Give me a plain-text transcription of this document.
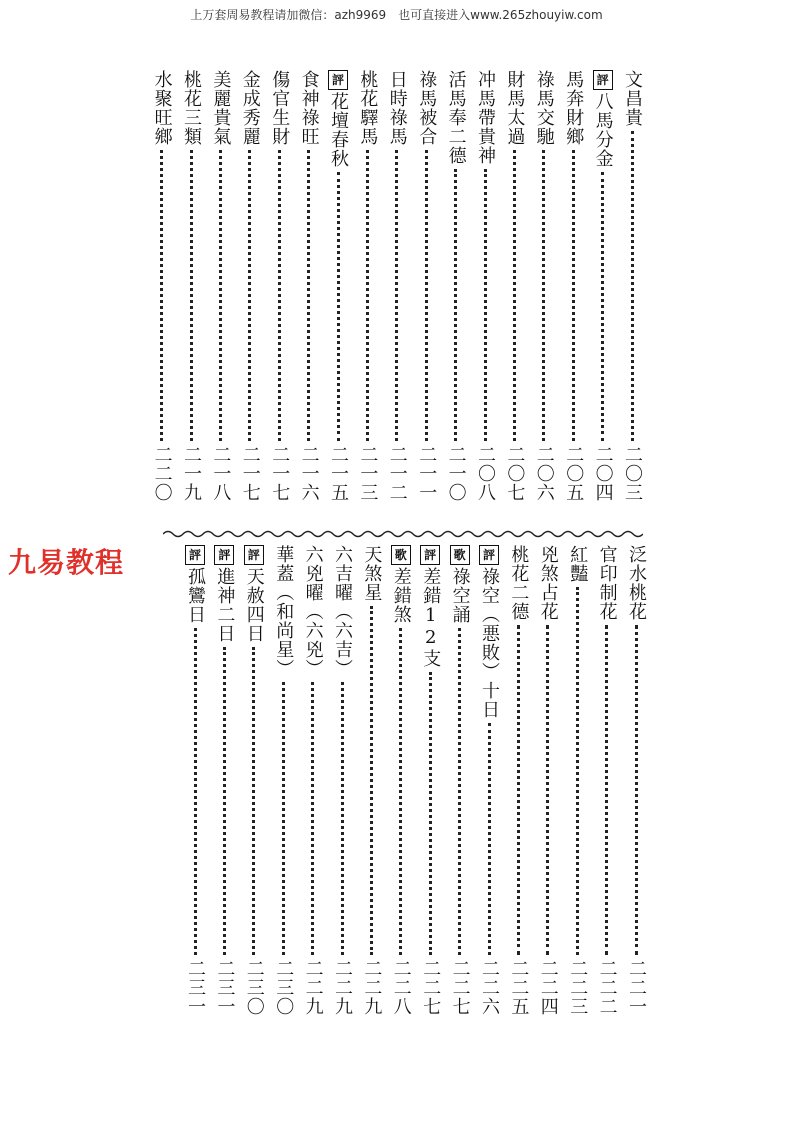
上万套周易教程请加微信：azh9969　也可直接进入www.265zhouyiw.com
文昌貴
二〇三
評
八馬分金
二〇四
馬奔財鄉
二〇五
祿馬交馳
二〇六
財馬太過
二〇七
冲馬帶貴神
二〇八
活馬奉二德
二一〇
祿馬被合
二一一
日時祿馬
二一二
桃花驛馬
二一三
評
花壇春秋
二一五
食神祿旺
二一六
傷官生財
二一七
金成秀麗
二一七
美麗貴氣
二一八
桃花三類
二一九
水聚旺鄉
二二〇
九易教程	泛水桃花
二二一
官印制花
二二二
紅豔
二二三
兇煞占花
二二四
桃花二德
二二五
評
祿空（悪敗）十日
二二六
歌
祿空誦
二二七
評
差錯12支
二二七
歌
差錯煞
二二八
天煞星
二二九
六吉曜（六吉）
二二九
六兇曜（六兇）
二二九
華蓋（和尚星）
二三〇
評
天赦四日
二三〇
評
進神二日
二三一
評
孤鸞日
二三一
